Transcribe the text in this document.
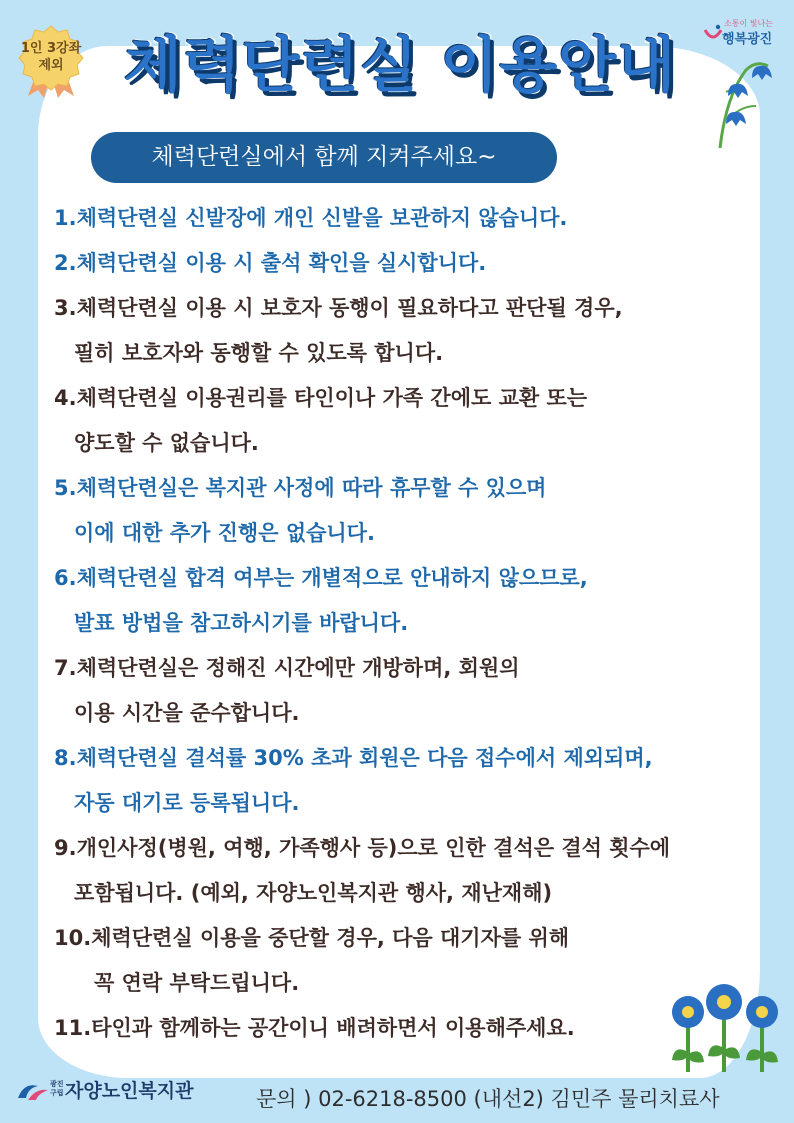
1인 3강좌 제외	체력단련실 이용안내
소통이 빛나는
행복광진
체력단련실에서 함께 지켜주세요~
1.체력단련실 신발장에 개인 신발을 보관하지 않습니다.
2.체력단련실 이용 시 출석 확인을 실시합니다.
3.체력단련실 이용 시 보호자 동행이 필요하다고 판단될 경우,
필히 보호자와 동행할 수 있도록 합니다.
4.체력단련실 이용권리를 타인이나 가족 간에도 교환 또는
양도할 수 없습니다.
5.체력단련실은 복지관 사정에 따라 휴무할 수 있으며
이에 대한 추가 진행은 없습니다.
6.체력단련실 합격 여부는 개별적으로 안내하지 않으므로,
발표 방법을 참고하시기를 바랍니다.
7.체력단련실은 정해진 시간에만 개방하며, 회원의
이용 시간을 준수합니다.
8.체력단련실 결석률 30% 초과 회원은 다음 접수에서 제외되며,
자동 대기로 등록됩니다.
9.개인사정(병원, 여행, 가족행사 등)으로 인한 결석은 결석 횟수에
포함됩니다. (예외, 자양노인복지관 행사, 재난재해)
10.체력단련실 이용을 중단할 경우, 다음 대기자를 위해
꼭 연락 부탁드립니다.
11.타인과 함께하는 공간이니 배려하면서 이용해주세요.
광진 구립 자양노인복지관	문의 ) 02-6218-8500 (내선2) 김민주 물리치료사
